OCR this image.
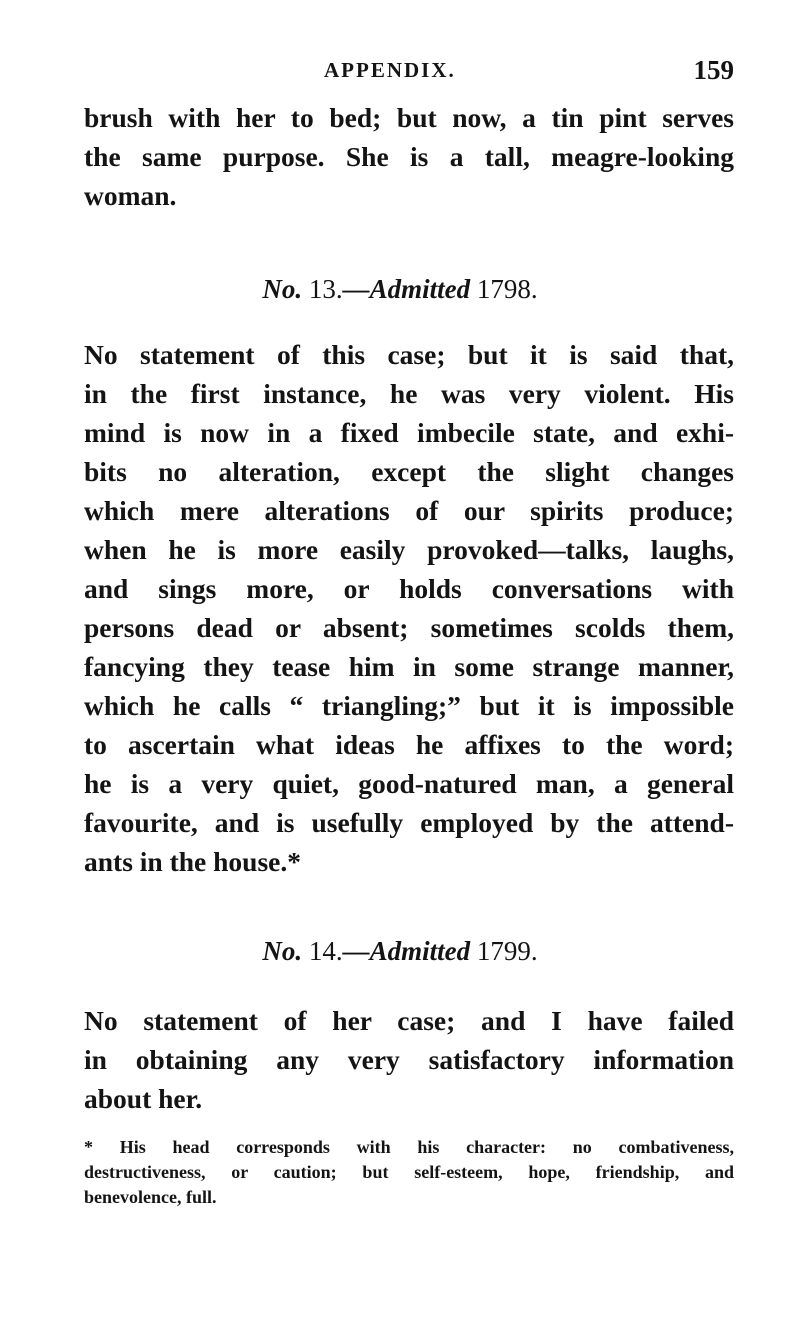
APPENDIX.	159
brush with her to bed; but now, a tin pint serves
the same purpose. She is a tall, meagre-looking
woman.
No. 13.—Admitted 1798.
No statement of this case; but it is said that,
in the first instance, he was very violent. His
mind is now in a fixed imbecile state, and exhi-
bits no alteration, except the slight changes
which mere alterations of our spirits produce;
when he is more easily provoked—talks, laughs,
and sings more, or holds conversations with
persons dead or absent; sometimes scolds them,
fancying they tease him in some strange manner,
which he calls “ triangling;” but it is impossible
to ascertain what ideas he affixes to the word;
he is a very quiet, good-natured man, a general
favourite, and is usefully employed by the attend-
ants in the house.*
No. 14.—Admitted 1799.
No statement of her case; and I have failed
in obtaining any very satisfactory information
about her.
* His head corresponds with his character: no combativeness,
destructiveness, or caution; but self-esteem, hope, friendship, and
benevolence, full.
